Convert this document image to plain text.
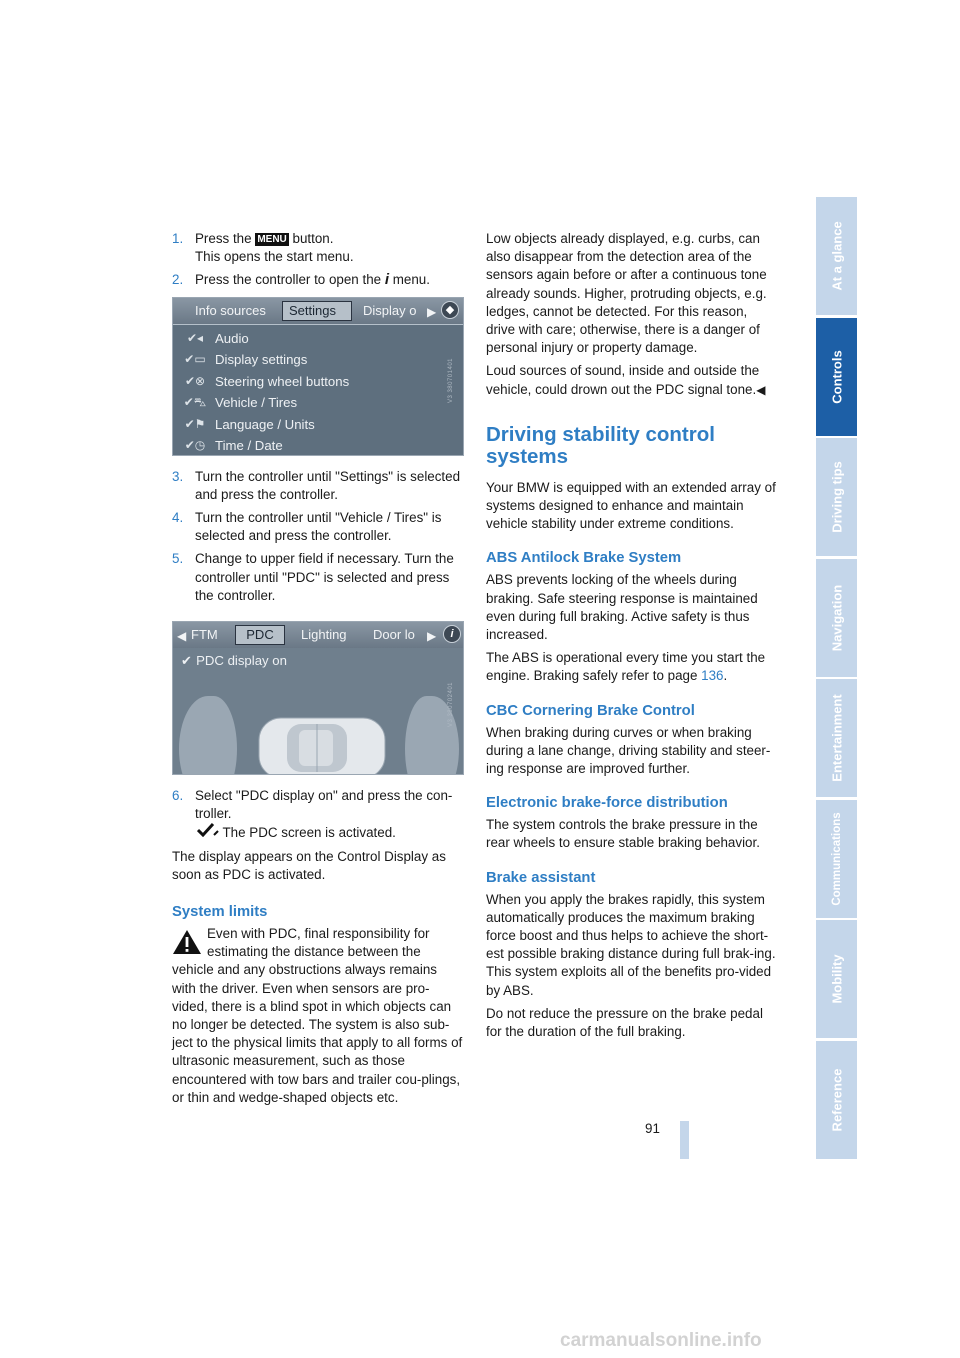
1. Press the MENU button.
This opens the start menu.
2. Press the controller to open the i menu.
Info sources	Settings	Display o ▶ ◆
✔◂ Audio
✔▭ Display settings
✔⊗ Steering wheel buttons
✔⛍ Vehicle / Tires
✔⚑ Language / Units
✔◷ Time / Date
V3 380701401
3. Turn the controller until "Settings" is selected and press the controller.
4. Turn the controller until "Vehicle / Tires" is selected and press the controller.
5. Change to upper field if necessary. Turn the controller until "PDC" is selected and press the controller.
◀ FTM	PDC	Lighting Door lo ▶	i
✔ PDC display on
V3 380702401
6. Select "PDC display on" and press the con-troller.
The PDC screen is activated.

The display appears on the Control Display as soon as PDC is activated.

System limits

Even with PDC, final responsibility for estimating the distance between the

vehicle and any obstructions always remains with the driver. Even when sensors are pro-vided, there is a blind spot in which objects can no longer be detected. The system is also sub-ject to the physical limits that apply to all forms of ultrasonic measurement, such as those encountered with tow bars and trailer cou-plings, or thin and wedge-shaped objects etc.

Low objects already displayed, e.g. curbs, can also disappear from the detection area of the sensors again before or after a continuous tone already sounds. Higher, protruding objects, e.g. ledges, cannot be detected. For this reason, drive with care; otherwise, there is a danger of personal injury or property damage.

Loud sources of sound, inside and outside the vehicle, could drown out the PDC signal tone.◀

Driving stability control systems

Your BMW is equipped with an extended array of systems designed to enhance and maintain vehicle stability under extreme conditions.

ABS Antilock Brake System

ABS prevents locking of the wheels during braking. Safe steering response is maintained even during full braking. Active safety is thus increased.

The ABS is operational every time you start the engine. Braking safely refer to page 136.

CBC Cornering Brake Control

When braking during curves or when braking during a lane change, driving stability and steer-ing response are improved further.

Electronic brake-force distribution

The system controls the brake pressure in the rear wheels to ensure stable braking behavior.

Brake assistant

When you apply the brakes rapidly, this system automatically produces the maximum braking force boost and thus helps to achieve the short-est possible braking distance during full brak-ing. This system exploits all of the benefits pro-vided by ABS.

Do not reduce the pressure on the brake pedal for the duration of the full braking.

At a glance
Controls
Driving tips
Navigation
Entertainment
Communications
Mobility
Reference
91
carmanualsonline.info
